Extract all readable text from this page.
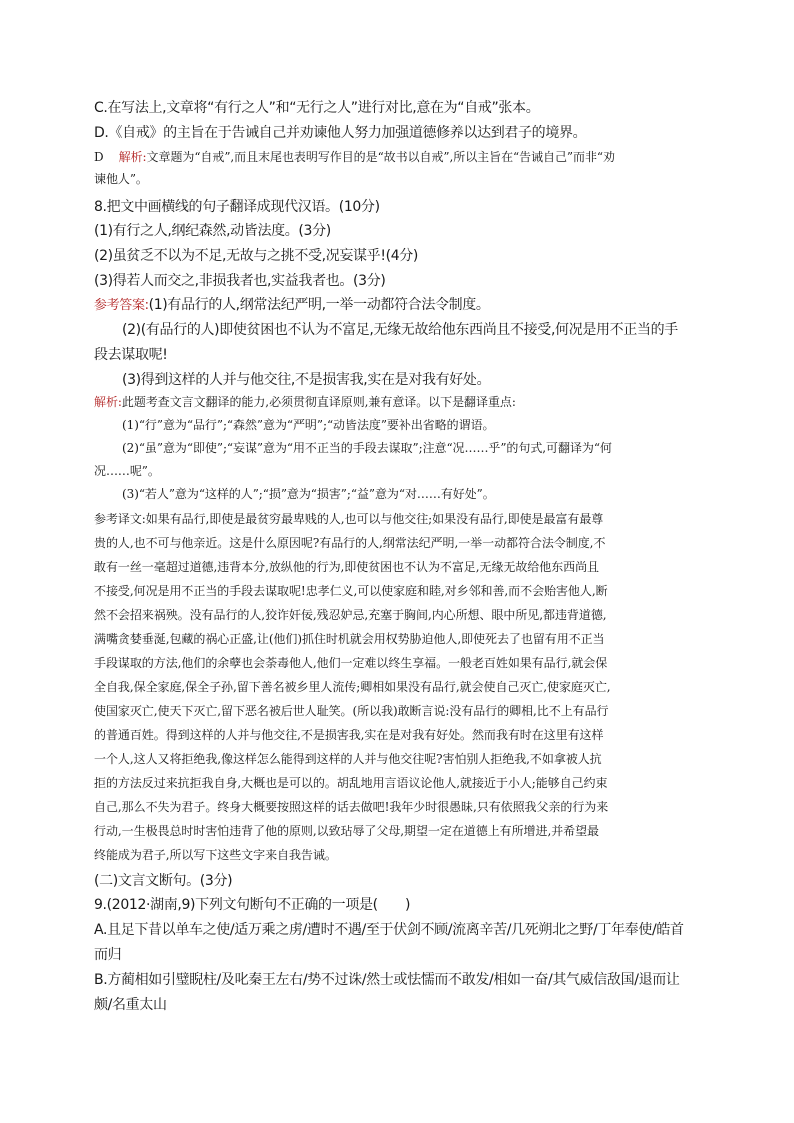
C.在写法上,文章将“有行之人”和“无行之人”进行对比,意在为“自戒”张本。
D.《自戒》的主旨在于告诫自己并劝谏他人努力加强道德修养以达到君子的境界。
D 解析:文章题为“自戒”,而且末尾也表明写作目的是“故书以自戒”,所以主旨在“告诫自己”而非“劝
谏他人”。
8.把文中画横线的句子翻译成现代汉语。(10分)
(1)有行之人,纲纪森然,动皆法度。(3分)
(2)虽贫乏不以为不足,无故与之挑不受,况妄谋乎!(4分)
(3)得若人而交之,非损我者也,实益我者也。(3分)
参考答案:(1)有品行的人,纲常法纪严明,一举一动都符合法令制度。
(2)(有品行的人)即使贫困也不认为不富足,无缘无故给他东西尚且不接受,何况是用不正当的手
段去谋取呢!
(3)得到这样的人并与他交往,不是损害我,实在是对我有好处。
解析:此题考查文言文翻译的能力,必须贯彻直译原则,兼有意译。以下是翻译重点:
(1)“行”意为“品行”;“森然”意为“严明”;“动皆法度”要补出省略的谓语。
(2)“虽”意为“即使”;“妄谋”意为“用不正当的手段去谋取”;注意“况……乎”的句式,可翻译为“何
况……呢”。
(3)“若人”意为“这样的人”;“损”意为“损害”;“益”意为“对……有好处”。
参考译文:如果有品行,即使是最贫穷最卑贱的人,也可以与他交往;如果没有品行,即使是最富有最尊
贵的人,也不可与他亲近。这是什么原因呢?有品行的人,纲常法纪严明,一举一动都符合法令制度,不
敢有一丝一毫超过道德,违背本分,放纵他的行为,即使贫困也不认为不富足,无缘无故给他东西尚且
不接受,何况是用不正当的手段去谋取呢!忠孝仁义,可以使家庭和睦,对乡邻和善,而不会贻害他人,断
然不会招来祸殃。没有品行的人,狡诈奸佞,残忍妒忌,充塞于胸间,内心所想、眼中所见,都违背道德,
满嘴贪婪垂涎,包藏的祸心正盛,让(他们)抓住时机就会用权势胁迫他人,即使死去了也留有用不正当
手段谋取的方法,他们的余孽也会荼毒他人,他们一定难以终生享福。一般老百姓如果有品行,就会保
全自我,保全家庭,保全子孙,留下善名被乡里人流传;卿相如果没有品行,就会使自己灭亡,使家庭灭亡,
使国家灭亡,使天下灭亡,留下恶名被后世人耻笑。(所以我)敢断言说:没有品行的卿相,比不上有品行
的普通百姓。得到这样的人并与他交往,不是损害我,实在是对我有好处。然而我有时在这里有这样
一个人,这人又将拒绝我,像这样怎么能得到这样的人并与他交往呢?害怕别人拒绝我,不如拿被人抗
拒的方法反过来抗拒我自身,大概也是可以的。胡乱地用言语议论他人,就接近于小人;能够自己约束
自己,那么不失为君子。终身大概要按照这样的话去做吧!我年少时很愚昧,只有依照我父亲的行为来
行动,一生极畏总时时害怕违背了他的原则,以致玷辱了父母,期望一定在道德上有所增进,并希望最
终能成为君子,所以写下这些文字来自我告诫。
(二)文言文断句。(3分)
9.(2012·湖南,9)下列文句断句不正确的一项是(　　)
A.且足下昔以单车之使/适万乘之虏/遭时不遇/至于伏剑不顾/流离辛苦/几死朔北之野/丁年奉使/皓首
而归
B.方蔺相如引璧睨柱/及叱秦王左右/势不过诛/然士或怯懦而不敢发/相如一奋/其气威信敌国/退而让
颇/名重太山
